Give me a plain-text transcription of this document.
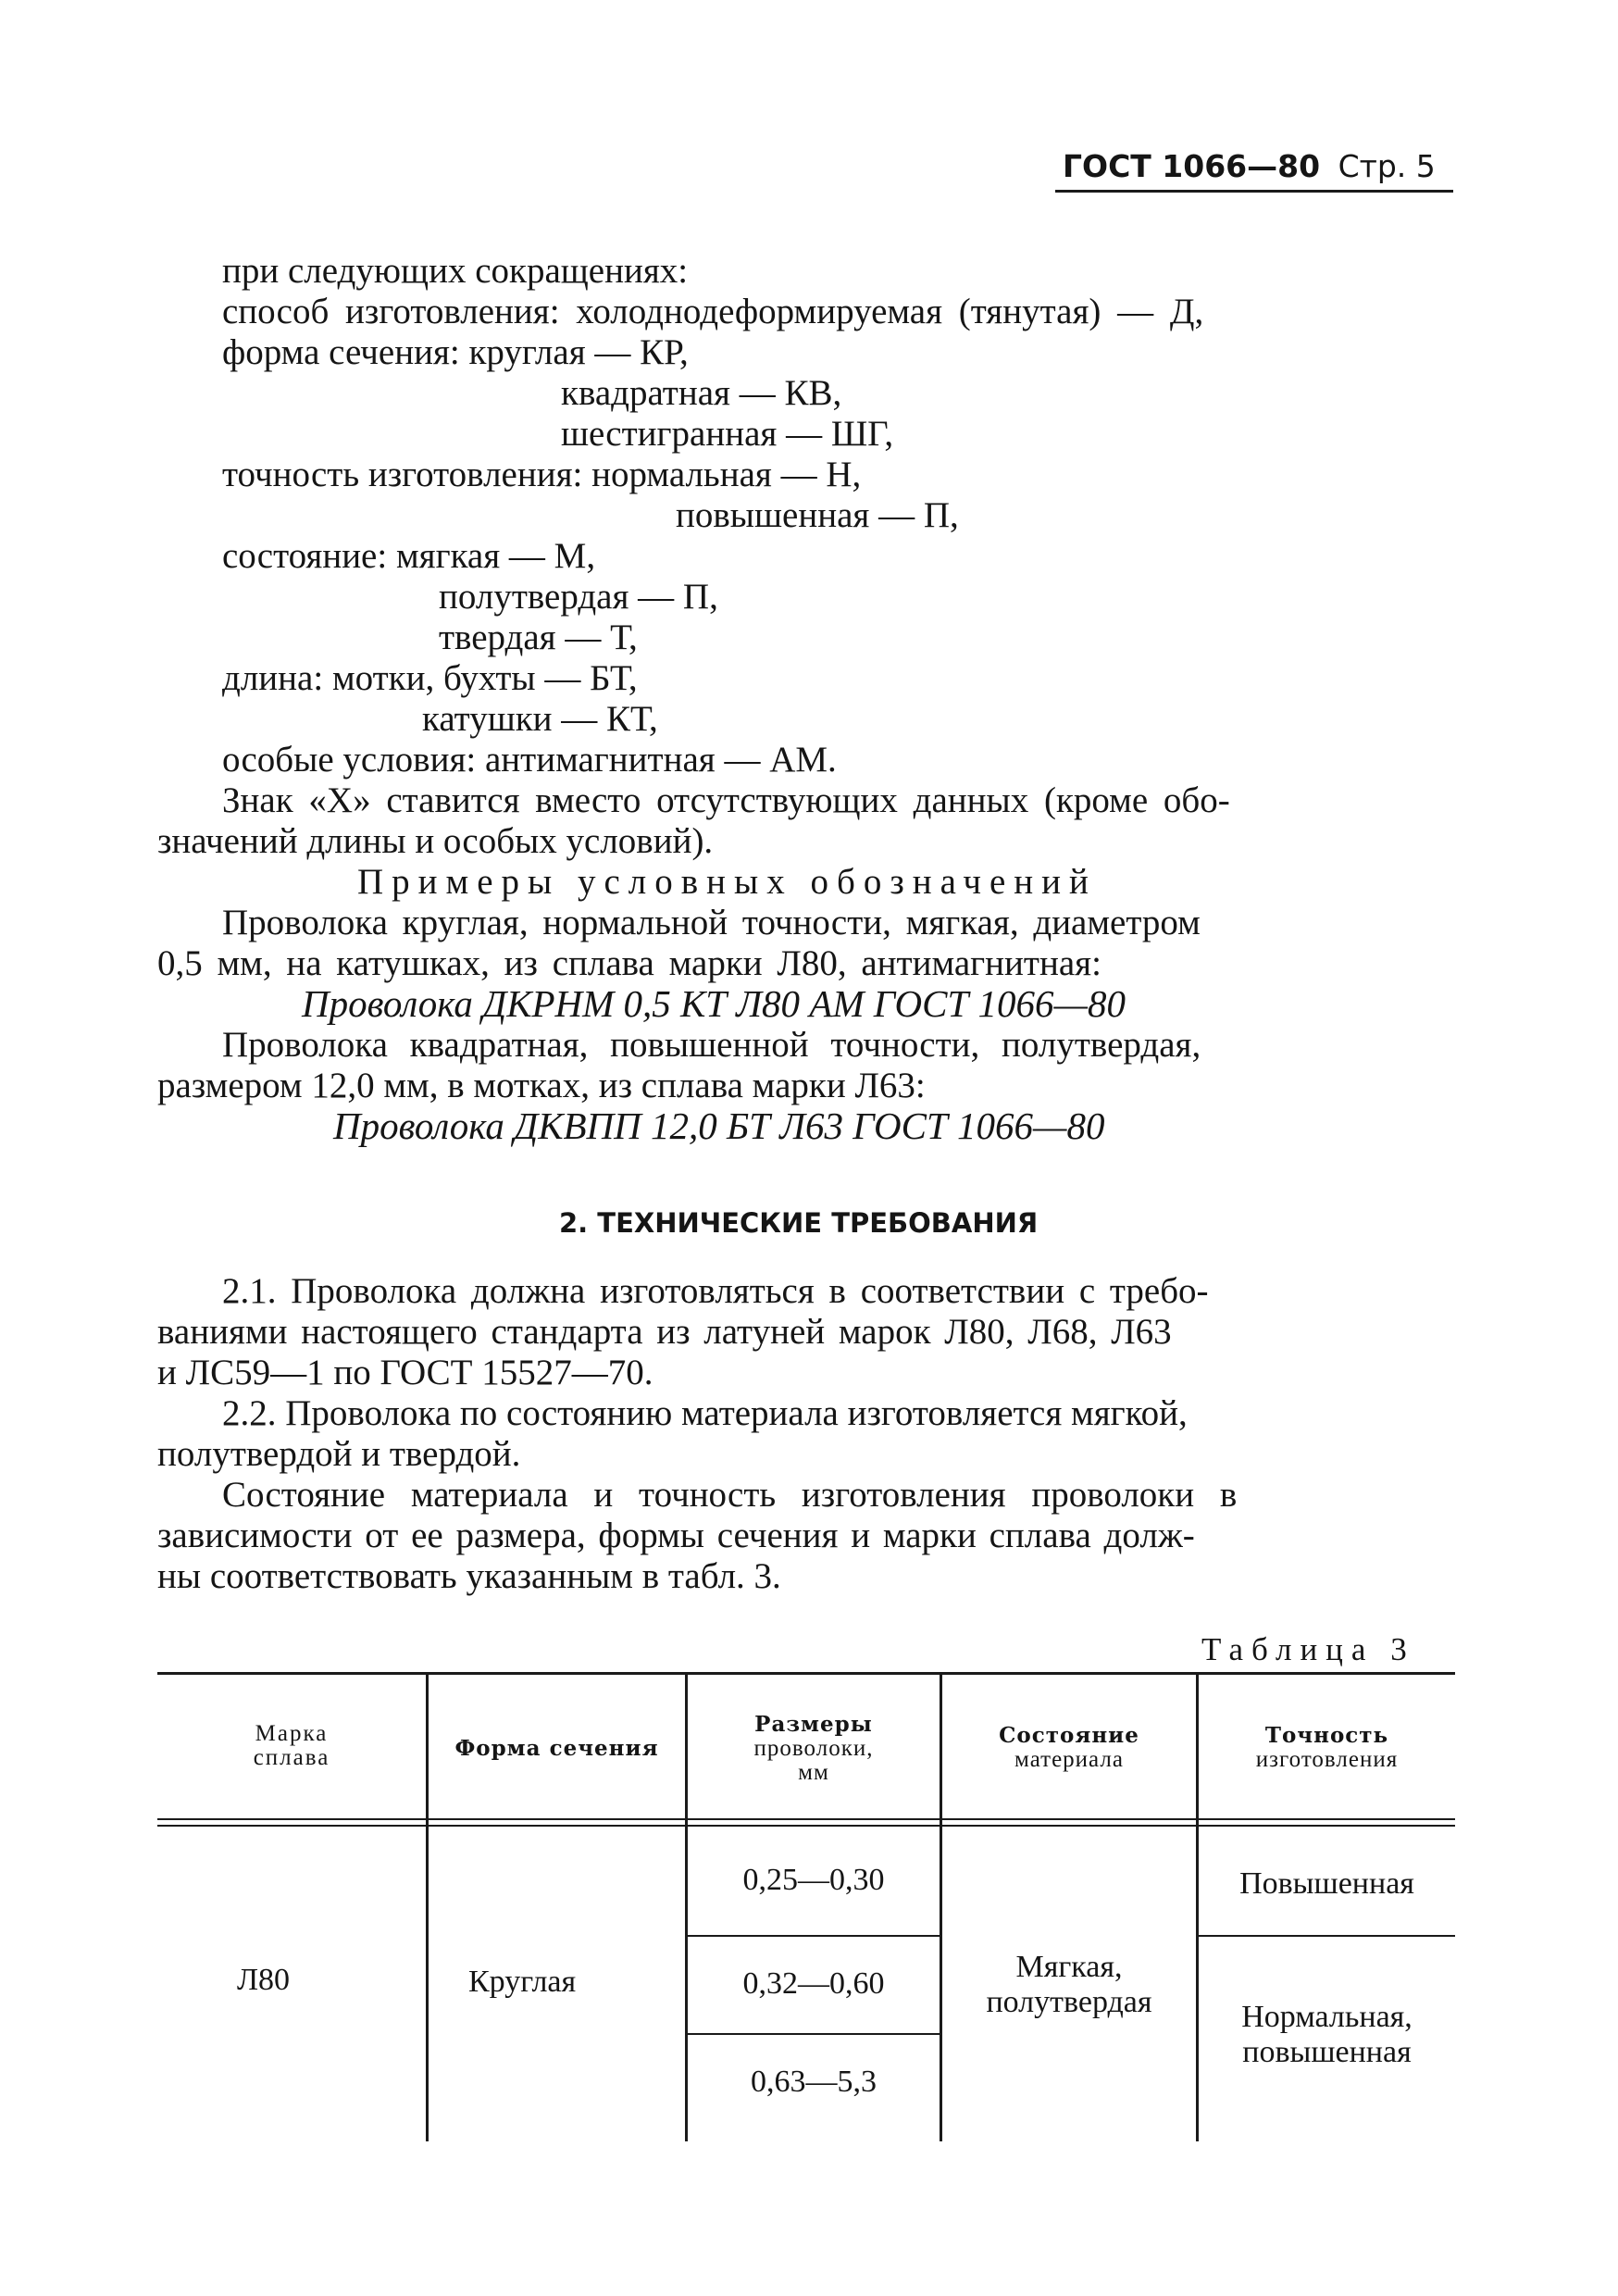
ГОСТ 1066—80 Стр. 5
при следующих сокращениях:
способ изготовления: холоднодеформируемая (тянутая) — Д,
форма сечения: круглая — КР,
квадратная — КВ,
шестигранная — ШГ,
точность изготовления: нормальная — Н,
повышенная — П,
состояние: мягкая — М,
полутвердая — П,
твердая — Т,
длина: мотки, бухты — БТ,
катушки — КТ,
особые условия: антимагнитная — АМ.
Знак «Х» ставится вместо отсутствующих данных (кроме обо-
значений длины и особых условий).
Примеры условных обозначений
Проволока круглая, нормальной точности, мягкая, диаметром
0,5 мм, на катушках, из сплава марки Л80, антимагнитная:
Проволока ДКРНМ 0,5 КТ Л80 АМ ГОСТ 1066—80
Проволока квадратная, повышенной точности, полутвердая,
размером 12,0 мм, в мотках, из сплава марки Л63:
Проволока ДКВПП 12,0 БТ Л63 ГОСТ 1066—80
2. ТЕХНИЧЕСКИЕ ТРЕБОВАНИЯ
2.1. Проволока должна изготовляться в соответствии с требо-
ваниями настоящего стандарта из латуней марок Л80, Л68, Л63
и ЛС59—1 по ГОСТ 15527—70.
2.2. Проволока по состоянию материала изготовляется мягкой,
полутвердой и твердой.
Состояние материала и точность изготовления проволоки в
зависимости от ее размера, формы сечения и марки сплава долж-
ны соответствовать указанным в табл. 3.
Таблица 3
Марка
сплава	Форма сечения
Размеры
проволоки,
мм
Состояние
материала
Точность
изготовления
Л80	Круглая
0,25—0,30
0,32—0,60
0,63—5,3
Мягкая,
полутвердая
Повышенная
Нормальная,
повышенная
